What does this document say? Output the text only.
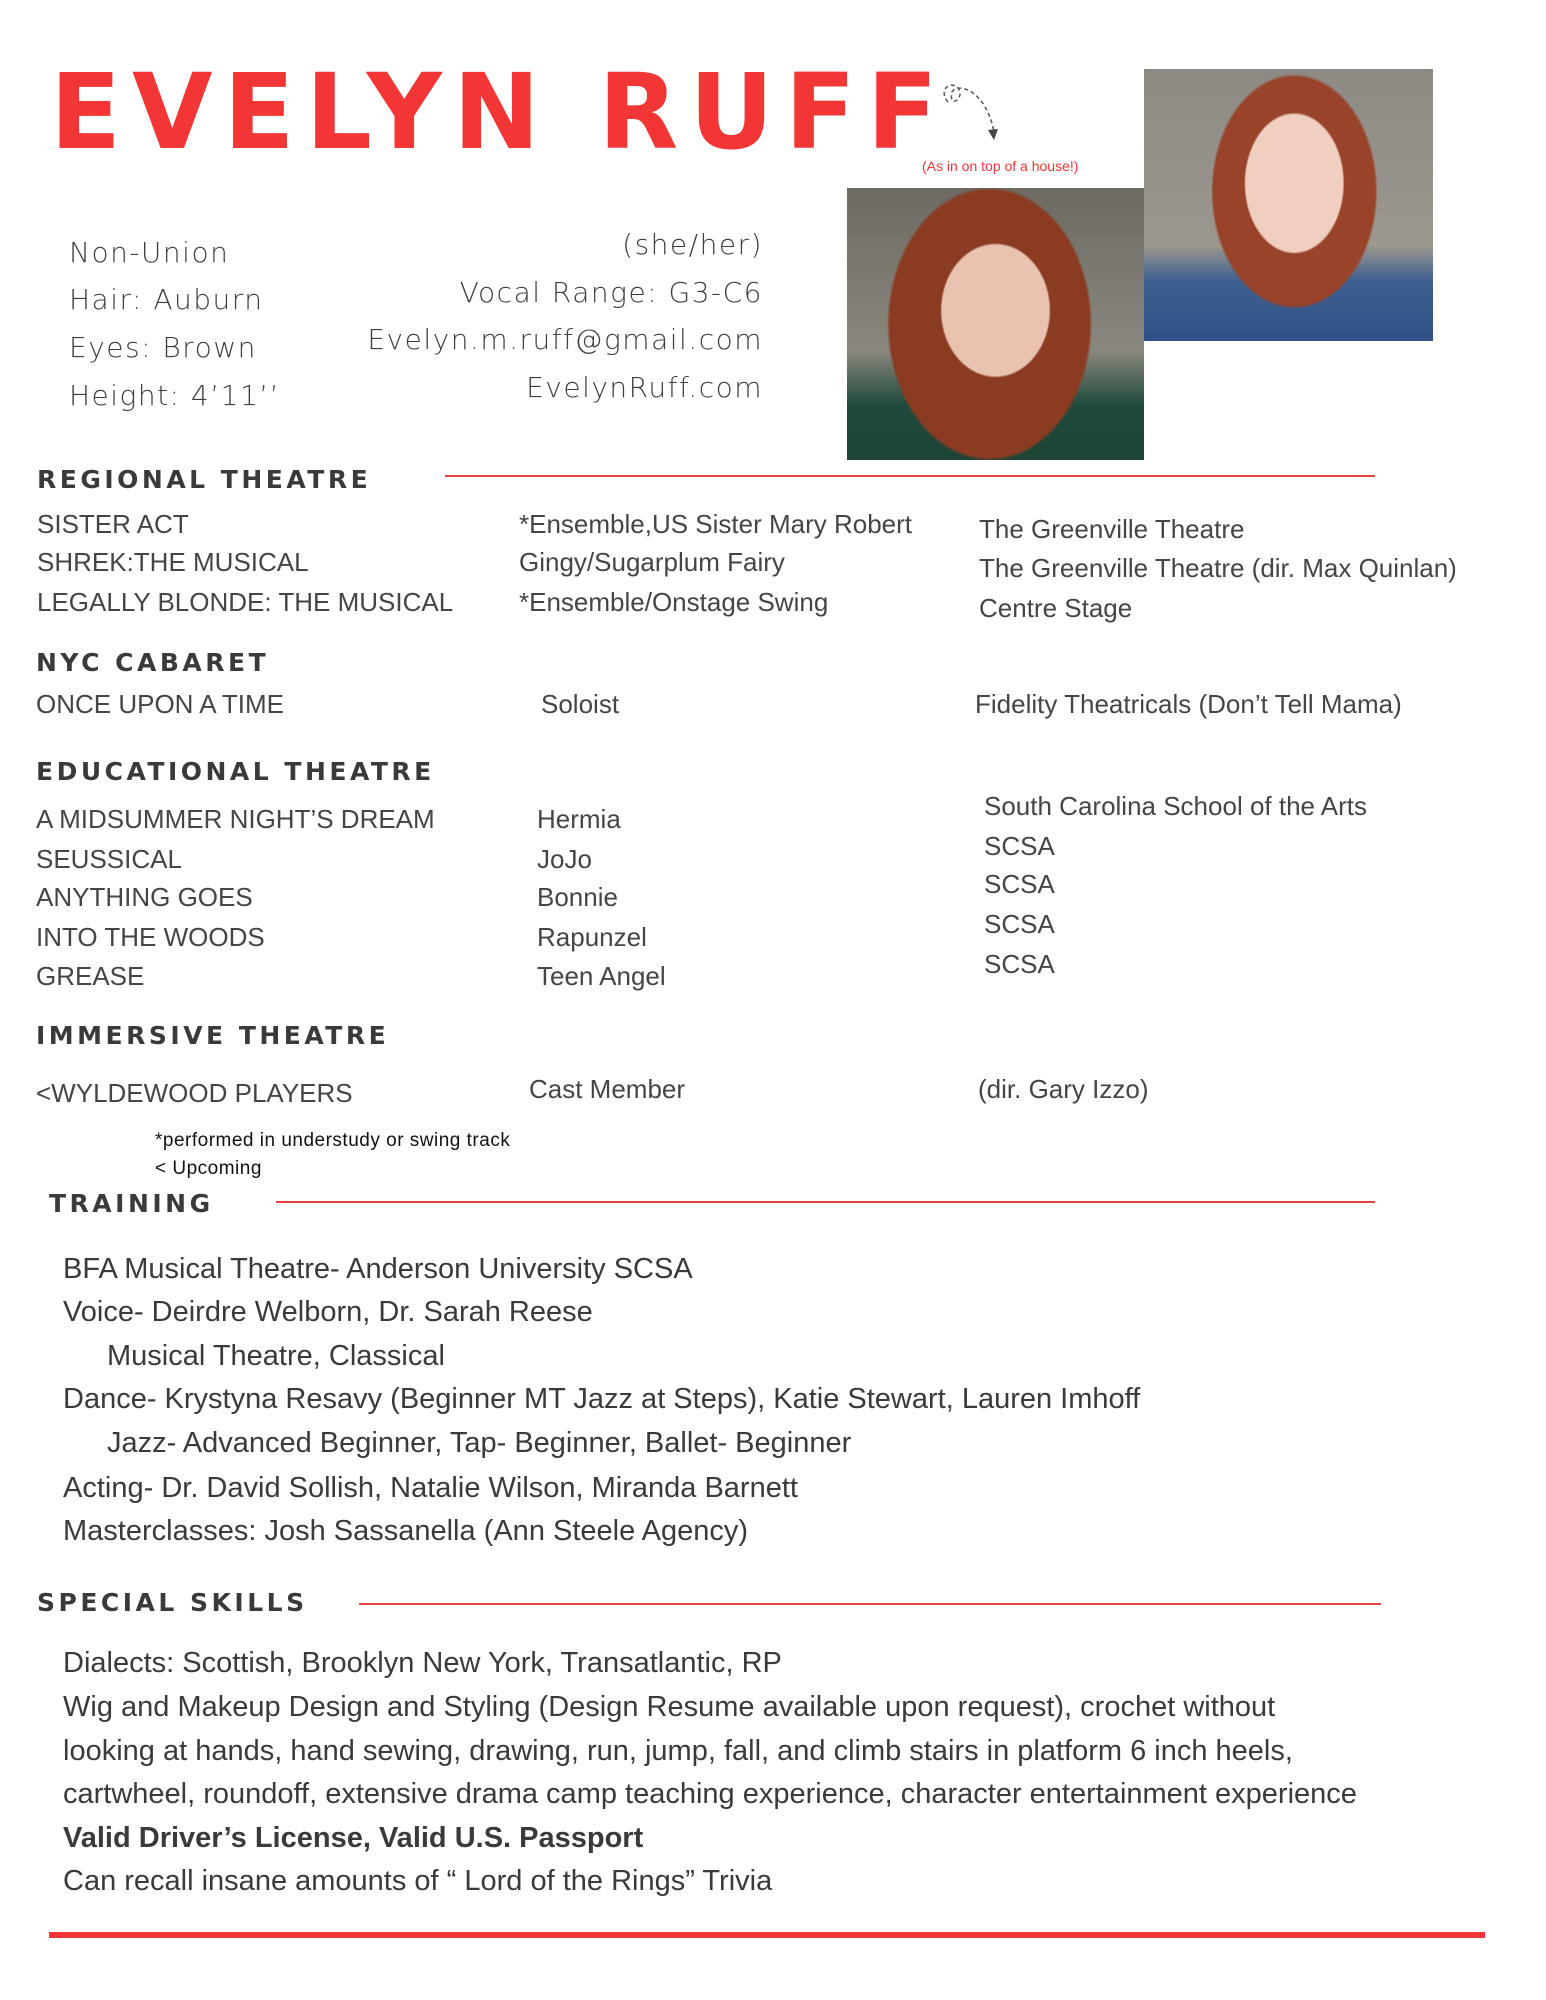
EVELYN RUFF
(As in on top of a house!)
Non-Union
Hair: Auburn
Eyes: Brown
Height: 4’11’’
(she/her)
Vocal Range: G3-C6
Evelyn.m.ruff@gmail.com
EvelynRuff.com
REGIONAL THEATRE
SISTER ACT	*Ensemble,US Sister Mary Robert	The Greenville Theatre
SHREK:THE MUSICAL	Gingy/Sugarplum Fairy	The Greenville Theatre (dir. Max Quinlan)
LEGALLY BLONDE: THE MUSICAL	*Ensemble/Onstage Swing	Centre Stage
NYC CABARET
ONCE UPON A TIME	Soloist	Fidelity Theatricals (Don’t Tell Mama)
EDUCATIONAL THEATRE
A MIDSUMMER NIGHT’S DREAM	Hermia	South Carolina School of the Arts
SEUSSICAL	JoJo	SCSA
ANYTHING GOES	Bonnie	SCSA
INTO THE WOODS	Rapunzel	SCSA
GREASE	Teen Angel	SCSA
IMMERSIVE THEATRE
<WYLDEWOOD PLAYERS	Cast Member	(dir. Gary Izzo)
*performed in understudy or swing track
< Upcoming
TRAINING
BFA Musical Theatre- Anderson University SCSA
Voice- Deirdre Welborn, Dr. Sarah Reese
Musical Theatre, Classical
Dance- Krystyna Resavy (Beginner MT Jazz at Steps), Katie Stewart, Lauren Imhoff
Jazz- Advanced Beginner, Tap- Beginner, Ballet- Beginner
Acting- Dr. David Sollish, Natalie Wilson, Miranda Barnett
Masterclasses: Josh Sassanella (Ann Steele Agency)
SPECIAL SKILLS
Dialects: Scottish, Brooklyn New York, Transatlantic, RP
Wig and Makeup Design and Styling (Design Resume available upon request), crochet without
looking at hands, hand sewing, drawing, run, jump, fall, and climb stairs in platform 6 inch heels,
cartwheel, roundoff, extensive drama camp teaching experience, character entertainment experience
Valid Driver’s License, Valid U.S. Passport
Can recall insane amounts of “ Lord of the Rings” Trivia
